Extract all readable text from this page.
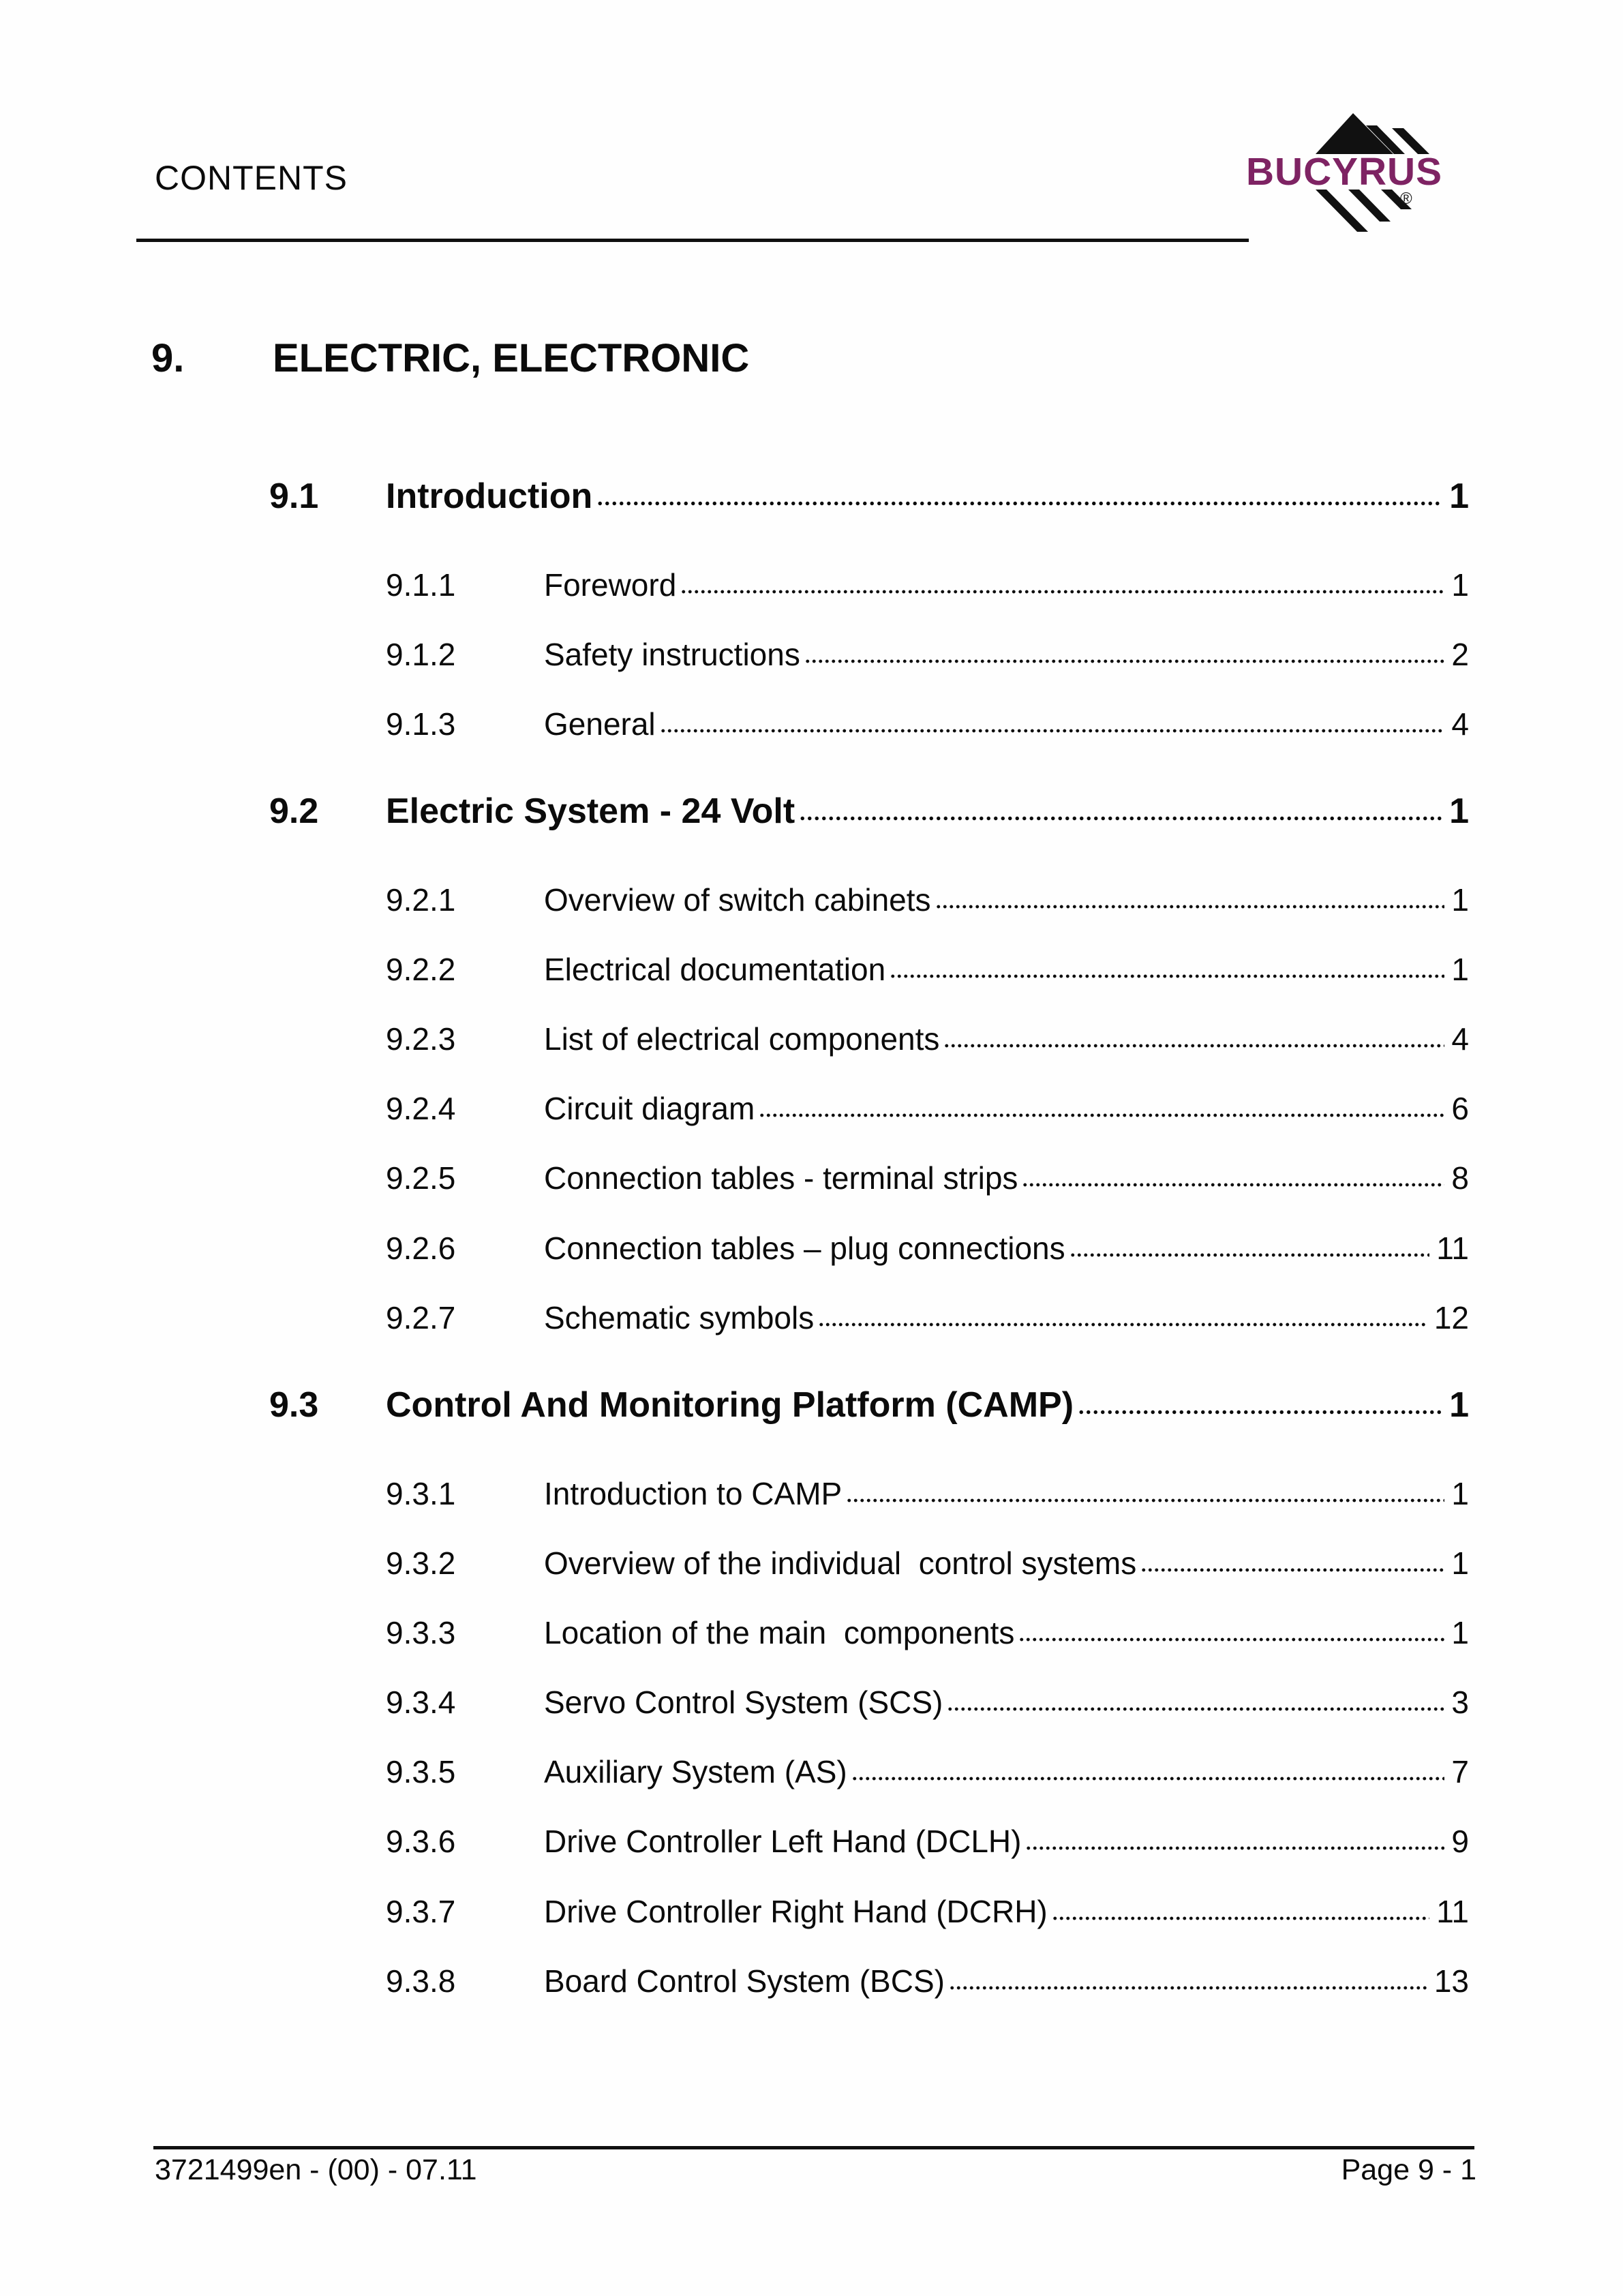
CONTENTS	BUCYRUS
®
9.	ELECTRIC, ELECTRONIC
9.1	Introduction	1
9.1.1	Foreword	1
9.1.2	Safety instructions	2
9.1.3	General	4
9.2	Electric System - 24 Volt	1
9.2.1	Overview of switch cabinets	1
9.2.2	Electrical documentation	1
9.2.3	List of electrical components	4
9.2.4	Circuit diagram	6
9.2.5	Connection tables - terminal strips	8
9.2.6	Connection tables – plug connections	11
9.2.7	Schematic symbols	12
9.3	Control And Monitoring Platform (CAMP)	1
9.3.1	Introduction to CAMP	1
9.3.2	Overview of the individual  control systems	1
9.3.3	Location of the main  components	1
9.3.4	Servo Control System (SCS)	3
9.3.5	Auxiliary System (AS)	7
9.3.6	Drive Controller Left Hand (DCLH)	9
9.3.7	Drive Controller Right Hand (DCRH)	11
9.3.8	Board Control System (BCS)	13
3721499en - (00) - 07.11	Page 9 - 1
